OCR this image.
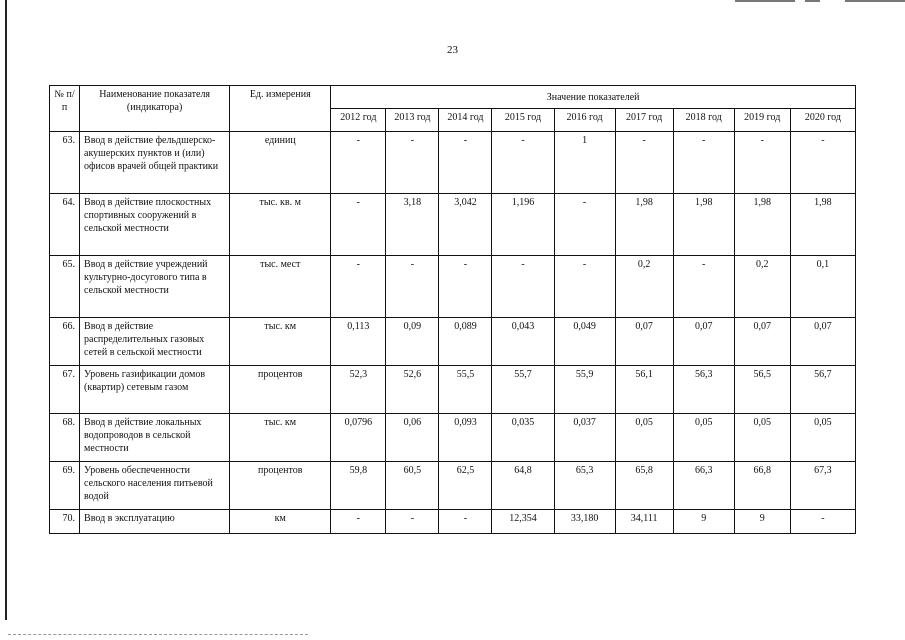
23
№ п/п	Наименование показателя (индикатора)	Ед. измерения	Значение показателей								
			2012 год	2013 год	2014 год	2015 год	2016 год	2017 год	2018 год	2019 год	2020 год
63.	Ввод в действие фельдшерско-акушерских пунктов и (или) офисов врачей общей практики	единиц	-	-	-	-	1	-	-	-	-
64.	Ввод в действие плоскостных спортивных сооружений в сельской местности	тыс. кв. м	-	3,18	3,042	1,196	-	1,98	1,98	1,98	1,98
65.	Ввод в действие учреждений культурно-досугового типа в сельской местности	тыс. мест	-	-	-	-	-	0,2	-	0,2	0,1
66.	Ввод в действие распределительных газовых сетей в сельской местности	тыс. км	0,113	0,09	0,089	0,043	0,049	0,07	0,07	0,07	0,07
67.	Уровень газификации домов (квартир) сетевым газом	процентов	52,3	52,6	55,5	55,7	55,9	56,1	56,3	56,5	56,7
68.	Ввод в действие локальных водопроводов в сельской местности	тыс. км	0,0796	0,06	0,093	0,035	0,037	0,05	0,05	0,05	0,05
69.	Уровень обеспеченности сельского населения питьевой водой	процентов	59,8	60,5	62,5	64,8	65,3	65,8	66,3	66,8	67,3
70.	Ввод в эксплуатацию	км	-	-	-	12,354	33,180	34,111	9	9	-
